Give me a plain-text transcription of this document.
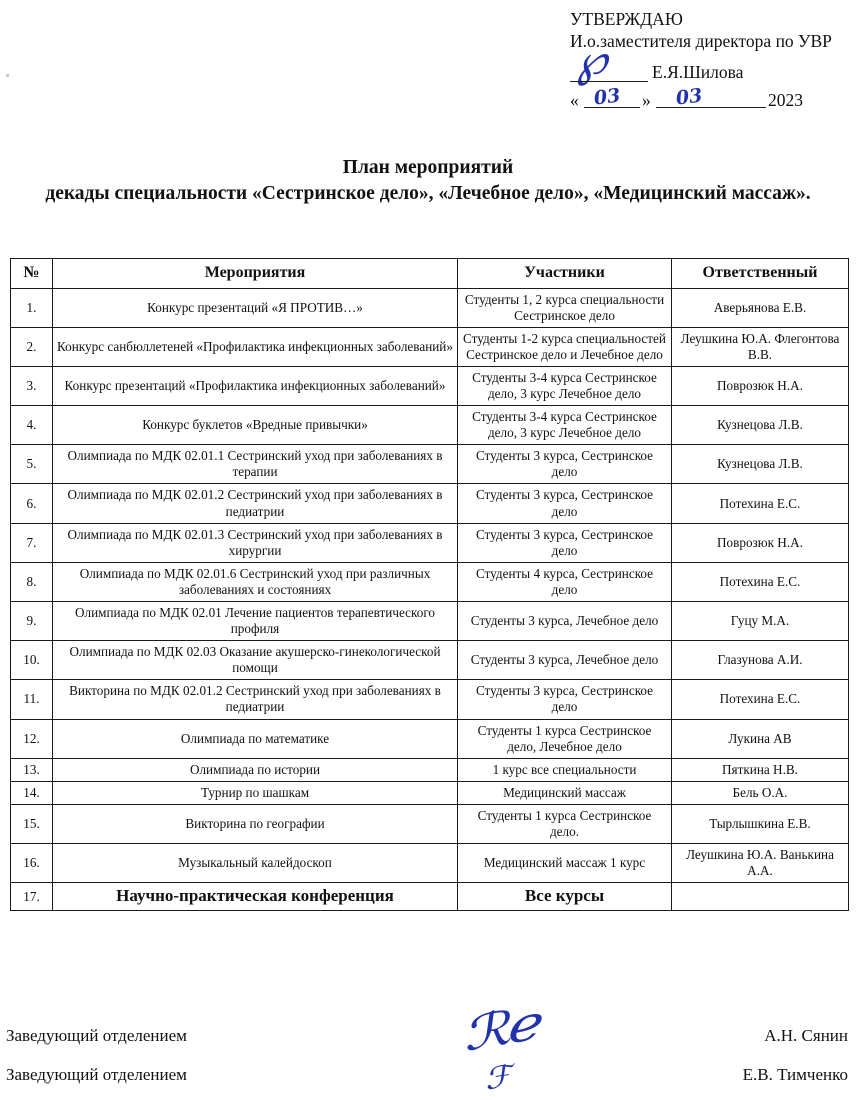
УТВЕРЖДАЮ
И.о.заместителя директора по УВР
℘ Е.Я.Шилова
« 03 » 03	2023
План мероприятий
декады специальности «Сестринское дело», «Лечебное дело», «Медицинский массаж».
№	Мероприятия	Участники	Ответственный
1.	Конкурс презентаций «Я ПРОТИВ…»	Студенты 1, 2 курса специальности Сестринское дело	Аверьянова Е.В.
2.	Конкурс санбюллетеней «Профилактика инфекционных заболеваний»	Студенты 1-2 курса специальностей Сестринское дело и Лечебное дело	Леушкина Ю.А. Флегонтова В.В.
3.	Конкурс презентаций «Профилактика инфекционных заболеваний»	Студенты 3-4 курса Сестринское дело, 3 курс Лечебное дело	Поврозюк Н.А.
4.	Конкурс буклетов «Вредные привычки»	Студенты 3-4 курса Сестринское дело, 3 курс Лечебное дело	Кузнецова Л.В.
5.	Олимпиада по МДК 02.01.1 Сестринский уход при заболеваниях в терапии	Студенты 3 курса, Сестринское дело	Кузнецова Л.В.
6.	Олимпиада по МДК 02.01.2 Сестринский уход при заболеваниях в педиатрии	Студенты 3 курса, Сестринское дело	Потехина Е.С.
7.	Олимпиада по МДК 02.01.3 Сестринский уход при заболеваниях в хирургии	Студенты 3 курса, Сестринское дело	Поврозюк Н.А.
8.	Олимпиада по МДК 02.01.6 Сестринский уход при различных заболеваниях и состояниях	Студенты 4 курса, Сестринское дело	Потехина Е.С.
9.	Олимпиада по МДК 02.01 Лечение пациентов терапевтического профиля	Студенты 3 курса, Лечебное дело	Гуцу М.А.
10.	Олимпиада по МДК 02.03 Оказание акушерско-гинекологической помощи	Студенты 3 курса, Лечебное дело	Глазунова А.И.
11.	Викторина по МДК 02.01.2 Сестринский уход при заболеваниях в педиатрии	Студенты 3 курса, Сестринское дело	Потехина Е.С.
12.	Олимпиада по математике	Студенты 1 курса Сестринское дело, Лечебное дело	Лукина АВ
13.	Олимпиада по истории	1 курс все специальности	Пяткина Н.В.
14.	Турнир по шашкам	Медицинский массаж	Бель О.А.
15.	Викторина по географии	Студенты 1 курса Сестринское дело.	Тырлышкина Е.В.
16.	Музыкальный калейдоскоп	Медицинский массаж 1 курс	Леушкина Ю.А. Ванькина А.А.
17.	Научно-практическая конференция	Все курсы	
Заведующий отделением	ℛℯ	А.Н. Сянин
Заведующий отделением	ℱ	Е.В. Тимченко
